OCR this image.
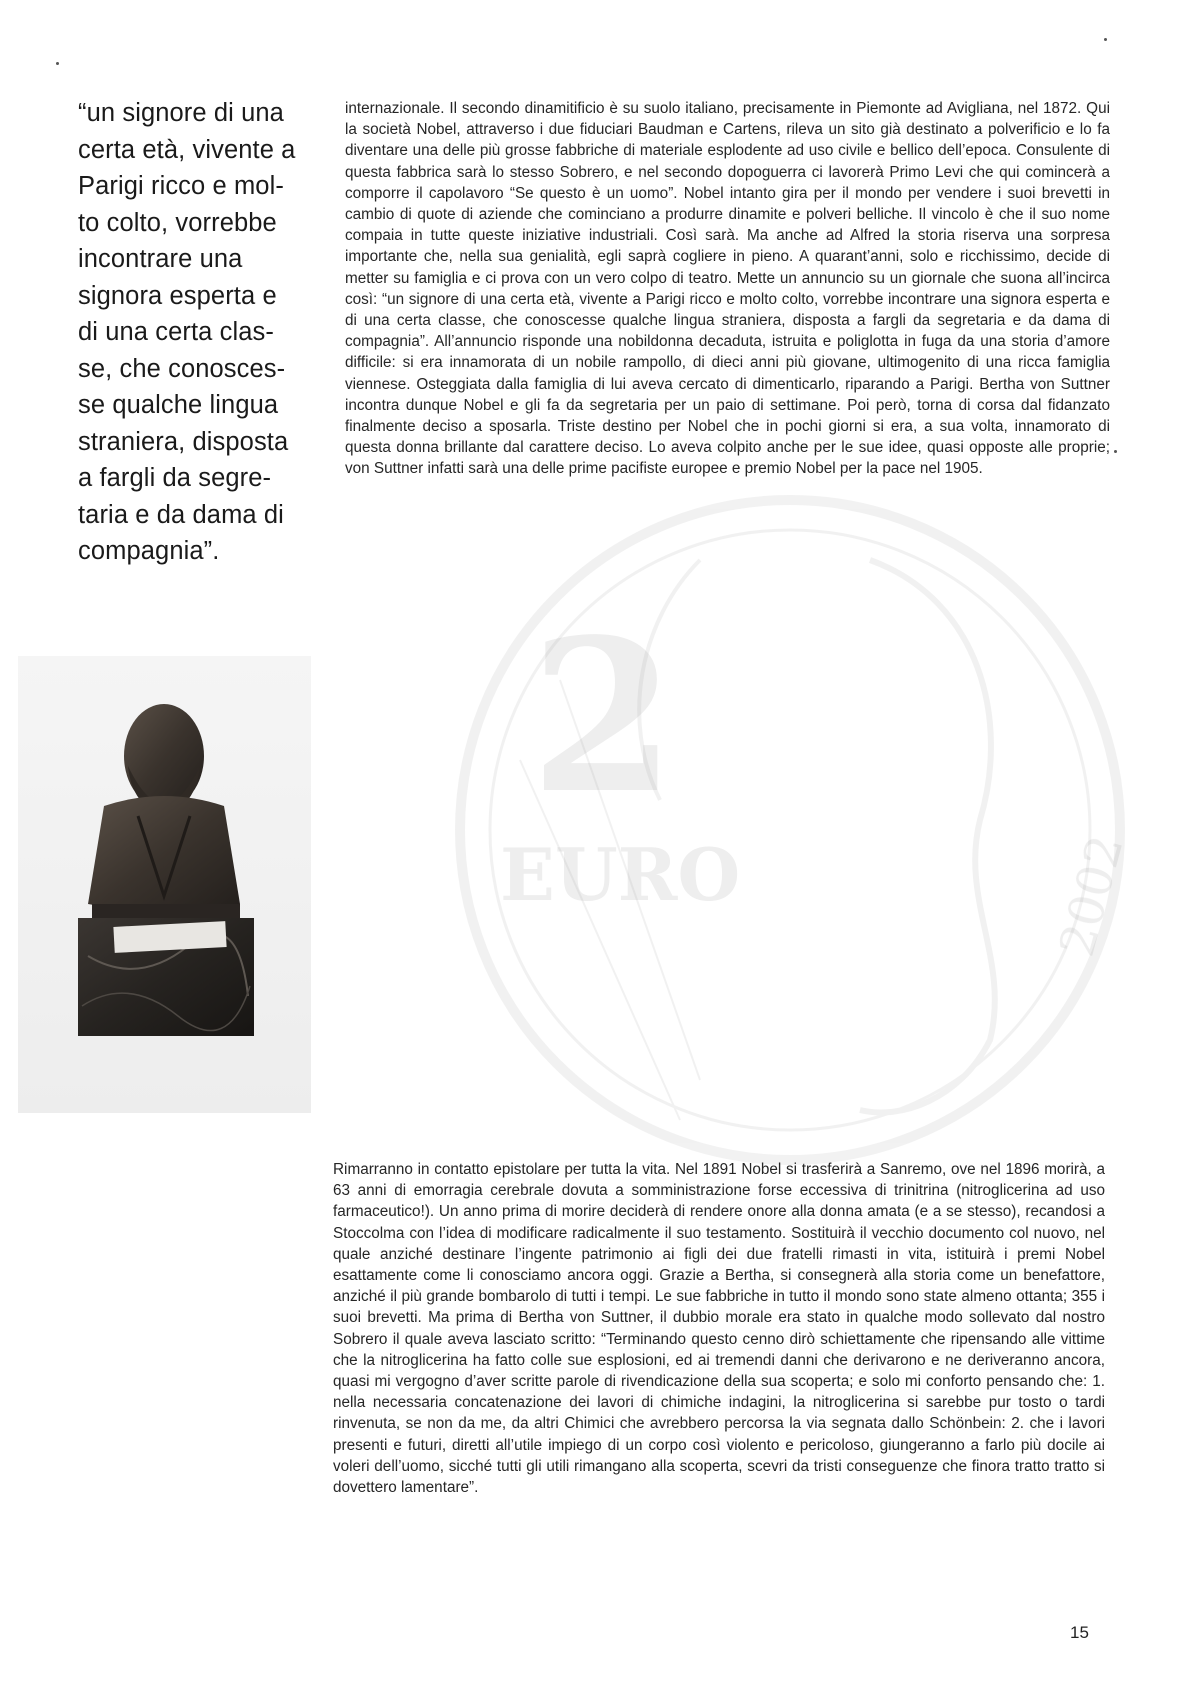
2
EURO	2002

“un signore di una

certa età, vivente a

Parigi ricco e mol-

to colto, vorrebbe

incontrare una

signora esperta e

di una certa clas-

se, che conosces-

se qualche lingua

straniera, disposta

a fargli da segre-

taria e da dama di

compagnia”.

internazionale. Il secondo dinamitificio è su suolo italiano, precisamente in Piemonte ad Avigliana, nel 1872. Qui la società Nobel, attraverso i due fiduciari Baudman e Cartens, rileva un sito già destinato a polverificio e lo fa diventare una delle più grosse fabbriche di materiale esplodente ad uso civile e bellico dell’epoca. Consulente di questa fabbrica sarà lo stesso Sobrero, e nel secondo dopoguerra ci lavorerà Primo Levi che qui comincerà a comporre il capolavoro “Se questo è un uomo”. Nobel intanto gira per il mondo per vendere i suoi brevetti in cambio di quote di aziende che cominciano a produrre dinamite e polveri belliche. Il vincolo è che il suo nome compaia in tutte queste iniziative industriali. Così sarà. Ma anche ad Alfred la storia riserva una sorpresa importante che, nella sua genialità, egli saprà cogliere in pieno. A quarant’anni, solo e ricchissimo, decide di metter su famiglia e ci prova con un vero colpo di teatro. Mette un annuncio su un giornale che suona all’incirca così: “un signore di una certa età, vivente a Parigi ricco e molto colto, vorrebbe incontrare una signora esperta e di una certa classe, che conoscesse qualche lingua straniera, disposta a fargli da segretaria e da dama di compagnia”. All’annuncio risponde una nobildonna decaduta, istruita e poliglotta in fuga da una storia d’amore difficile: si era innamorata di un nobile rampollo, di dieci anni più giovane, ultimogenito di una ricca famiglia viennese. Osteggiata dalla famiglia di lui aveva cercato di dimenticarlo, riparando a Parigi. Bertha von Suttner incontra dunque Nobel e gli fa da segretaria per un paio di settimane. Poi però, torna di corsa dal fidanzato finalmente deciso a sposarla. Triste destino per Nobel che in pochi giorni si era, a sua volta, innamorato di questa donna brillante dal carattere deciso. Lo aveva colpito anche per le sue idee, quasi opposte alle proprie; von Suttner infatti sarà una delle prime pacifiste europee e premio Nobel per la pace nel 1905.

Rimarranno in contatto epistolare per tutta la vita. Nel 1891 Nobel si trasferirà a Sanremo, ove nel 1896 morirà, a 63 anni di emorragia cerebrale dovuta a somministrazione forse eccessiva di trinitrina (nitroglicerina ad uso farmaceutico!). Un anno prima di morire deciderà di rendere onore alla donna amata (e a se stesso), recandosi a Stoccolma con l’idea di modificare radicalmente il suo testamento. Sostituirà il vecchio documento col nuovo, nel quale anziché destinare l’ingente patrimonio ai figli dei due fratelli rimasti in vita, istituirà i premi Nobel esattamente come li conosciamo ancora oggi. Grazie a Bertha, si consegnerà alla storia come un benefattore, anziché il più grande bombarolo di tutti i tempi. Le sue fabbriche in tutto il mondo sono state almeno ottanta; 355 i suoi brevetti. Ma prima di Bertha von Suttner, il dubbio morale era stato in qualche modo sollevato dal nostro Sobrero il quale aveva lasciato scritto: “Terminando questo cenno dirò schiettamente che ripensando alle vittime che la nitroglicerina ha fatto colle sue esplosioni, ed ai tremendi danni che derivarono e ne deriveranno ancora, quasi mi vergogno d’aver scritte parole di rivendicazione della sua scoperta; e solo mi conforto pensando che: 1. nella necessaria concatenazione dei lavori di chimiche indagini, la nitroglicerina si sarebbe pur tosto o tardi rinvenuta, se non da me, da altri Chimici che avrebbero percorsa la via segnata dallo Schönbein: 2. che i lavori presenti e futuri, diretti all’utile impiego di un corpo così violento e pericoloso, giungeranno a farlo più docile ai voleri dell’uomo, sicché tutti gli utili rimangano alla scoperta, scevri da tristi conseguenze che finora tratto tratto si dovettero lamentare”.

15
